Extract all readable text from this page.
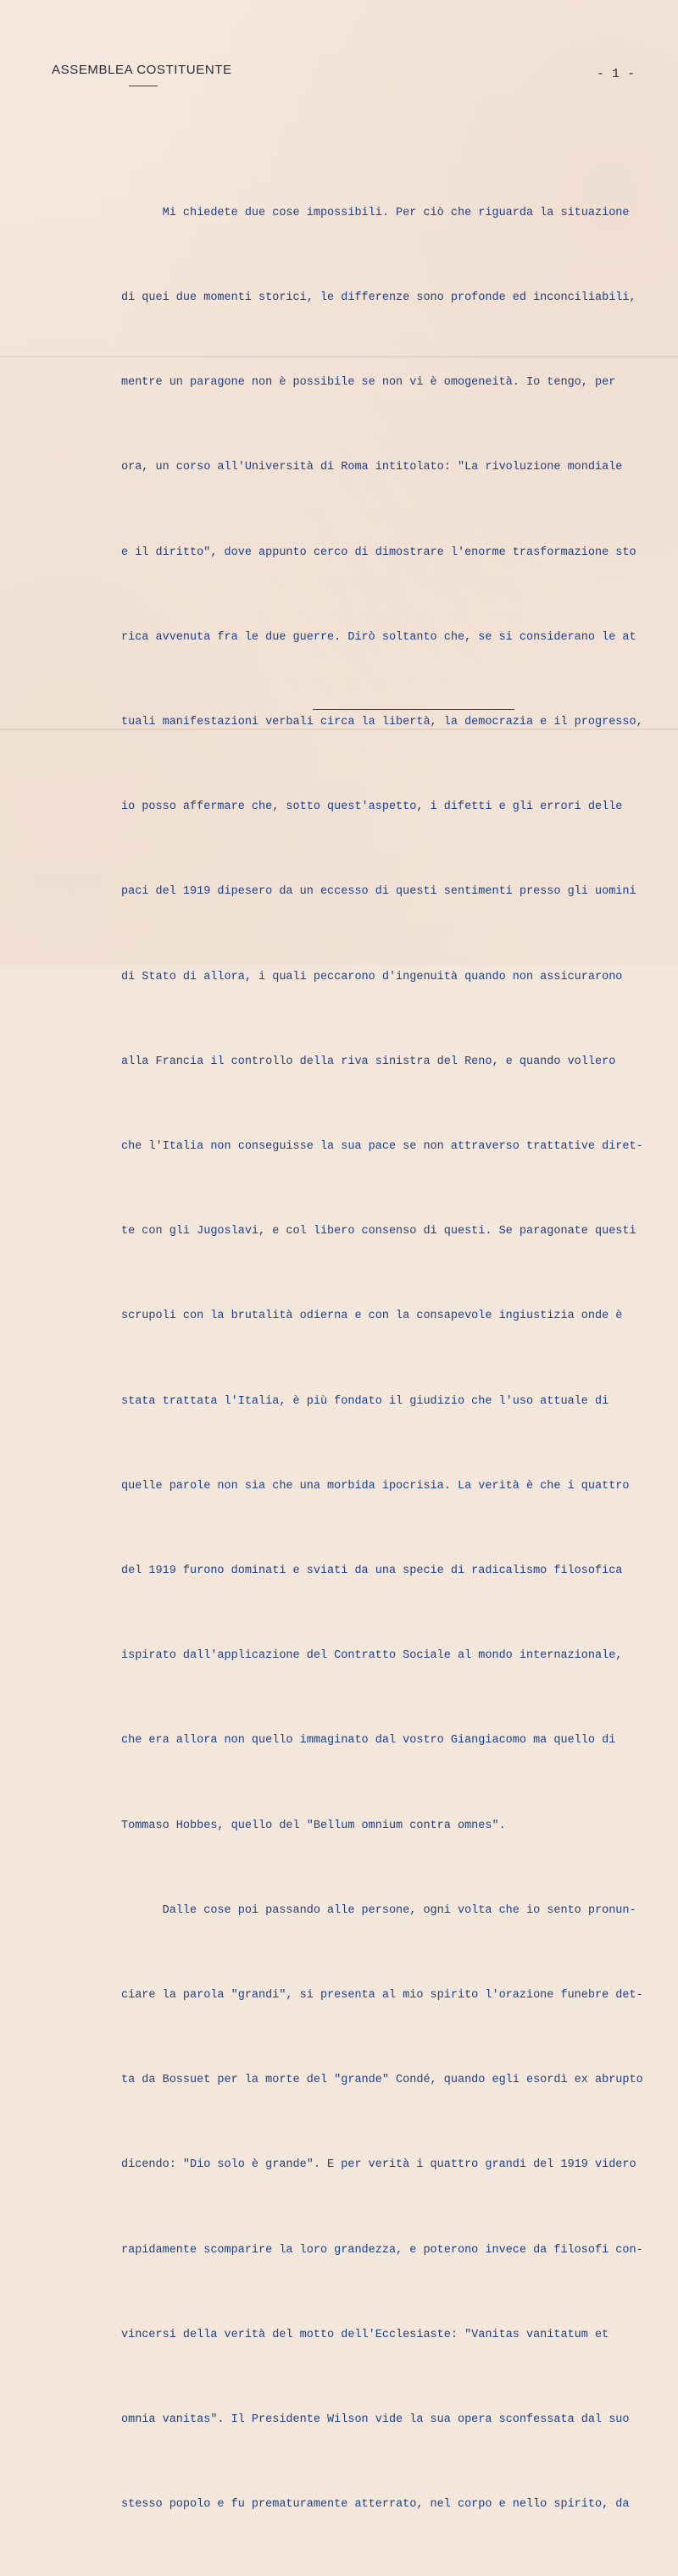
ASSEMBLEA COSTITUENTE	- 1 -

Mi chiedete due cose impossibili. Per ciò che riguarda la situazione

di quei due momenti storici, le differenze sono profonde ed inconciliabili,

mentre un paragone non è possibile se non vi è omogeneità. Io tengo, per

ora, un corso all'Università di Roma intitolato: "La rivoluzione mondiale

e il diritto", dove appunto cerco di dimostrare l'enorme trasformazione sto

rica avvenuta fra le due guerre. Dirò soltanto che, se si considerano le at

tuali manifestazioni verbali circa la libertà, la democrazia e il progresso,

io posso affermare che, sotto quest'aspetto, i difetti e gli errori delle

paci del 1919 dipesero da un eccesso di questi sentimenti presso gli uomini

di Stato di allora, i quali peccarono d'ingenuità quando non assicurarono

alla Francia il controllo della riva sinistra del Reno, e quando vollero

che l'Italia non conseguisse la sua pace se non attraverso trattative diret-

te con gli Jugoslavi, e col libero consenso di questi. Se paragonate questi

scrupoli con la brutalità odierna e con la consapevole ingiustizia onde è

stata trattata l'Italia, è più fondato il giudizio che l'uso attuale di

quelle parole non sia che una morbida ipocrisia. La verità è che i quattro

del 1919 furono dominati e sviati da una specie di radicalismo filosofica

ispirato dall'applicazione del Contratto Sociale al mondo internazionale,

che era allora non quello immaginato dal vostro Giangiacomo ma quello di

Tommaso Hobbes, quello del "Bellum omnium contra omnes".

Dalle cose poi passando alle persone, ogni volta che io sento pronun-

ciare la parola "grandi", si presenta al mio spirito l'orazione funebre det-

ta da Bossuet per la morte del "grande" Condé, quando egli esordì ex abrupto

dicendo: "Dio solo è grande". E per verità i quattro grandi del 1919 videro

rapidamente scomparire la loro grandezza, e poterono invece da filosofi con-

vincersi della verità del motto dell'Ecclesiaste: "Vanitas vanitatum et

omnia vanitas". Il Presidente Wilson vide la sua opera sconfessata dal suo

stesso popolo e fu prematuramente atterrato, nel corpo e nello spirito, da
